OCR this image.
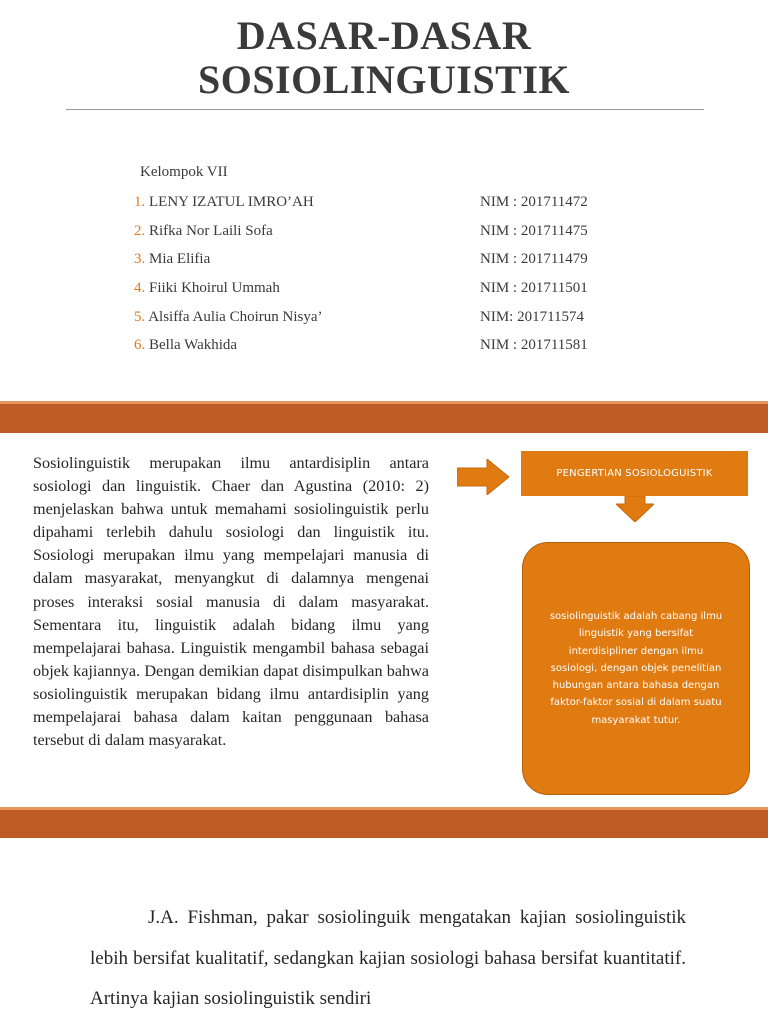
DASAR-DASAR
SOSIOLINGUISTIK
Kelompok VII
1. LENY IZATUL IMRO’AH	NIM : 201711472
2. Rifka Nor Laili Sofa	NIM : 201711475
3. Mia Elifia	NIM : 201711479
4. Fiiki Khoirul Ummah	NIM : 201711501
5. Alsiffa Aulia Choirun Nisya’	NIM: 201711574
6. Bella Wakhida	NIM : 201711581

Sosiolinguistik merupakan ilmu antardisiplin antara sosiologi dan linguistik. Chaer dan Agustina (2010: 2) menjelaskan bahwa untuk memahami sosiolinguistik perlu dipahami terlebih dahulu sosiologi dan linguistik itu. Sosiologi merupakan ilmu yang mempelajari manusia di dalam masyarakat, menyangkut di dalamnya mengenai proses interaksi sosial manusia di dalam masyarakat. Sementara itu, linguistik adalah bidang ilmu yang mempelajarai bahasa. Linguistik mengambil bahasa sebagai objek kajiannya. Dengan demikian dapat disimpulkan bahwa sosiolinguistik merupakan bidang ilmu antardisiplin yang mempelajarai bahasa dalam kaitan penggunaan bahasa tersebut di dalam masyarakat.

PENGERTIAN SOSIOLOGUISTIK
sosiolinguistik adalah cabang ilmu linguistik yang bersifat interdisipliner dengan ilmu sosiologi, dengan objek penelitian hubungan antara bahasa dengan faktor-faktor sosial di dalam suatu masyarakat tutur.

J.A. Fishman, pakar sosiolinguik mengatakan kajian sosiolinguistik lebih bersifat kualitatif, sedangkan kajian sosiologi bahasa bersifat kuantitatif. Artinya kajian sosiolinguistik sendiri
